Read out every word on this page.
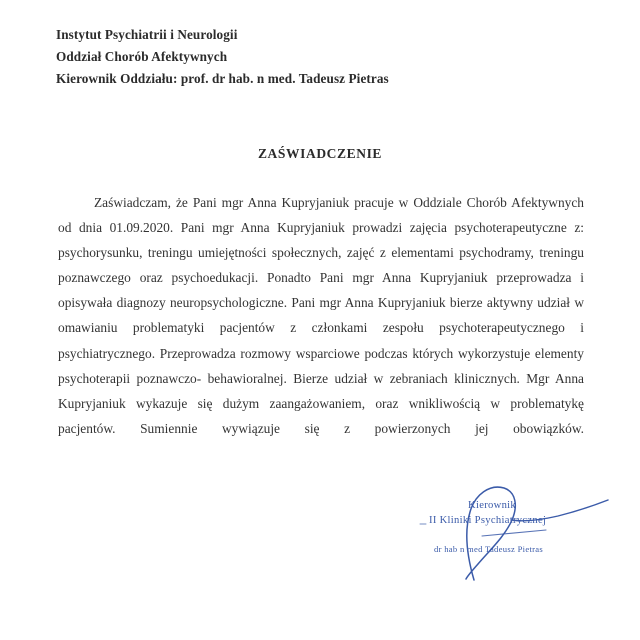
Instytut Psychiatrii i Neurologii
Oddział Chorób Afektywnych
Kierownik Oddziału: prof. dr hab. n med. Tadeusz Pietras
ZAŚWIADCZENIE

Zaświadczam, że Pani mgr Anna Kupryjaniuk pracuje w Oddziale Chorób Afektywnych od dnia 01.09.2020. Pani mgr Anna Kupryjaniuk prowadzi zajęcia psychoterapeutyczne z: psychorysunku, treningu umiejętności społecznych, zajęć z elementami psychodramy, treningu poznawczego oraz psychoedukacji. Ponadto Pani mgr Anna Kupryjaniuk przeprowadza i opisywała diagnozy neuropsychologiczne. Pani mgr Anna Kupryjaniuk bierze aktywny udział w omawianiu problematyki pacjentów z członkami zespołu psychoterapeutycznego i psychiatrycznego. Przeprowadza rozmowy wsparciowe podczas których wykorzystuje elementy psychoterapii poznawczo- behawioralnej. Bierze udział w zebraniach klinicznych. Mgr Anna Kupryjaniuk wykazuje się dużym zaangażowaniem, oraz wnikliwością w problematykę pacjentów. Sumiennie wywiązuje się z powierzonych jej obowiązków.

Kierownik
II Kliniki Psychiatrycznej
dr hab n med Tadeusz Pietras
